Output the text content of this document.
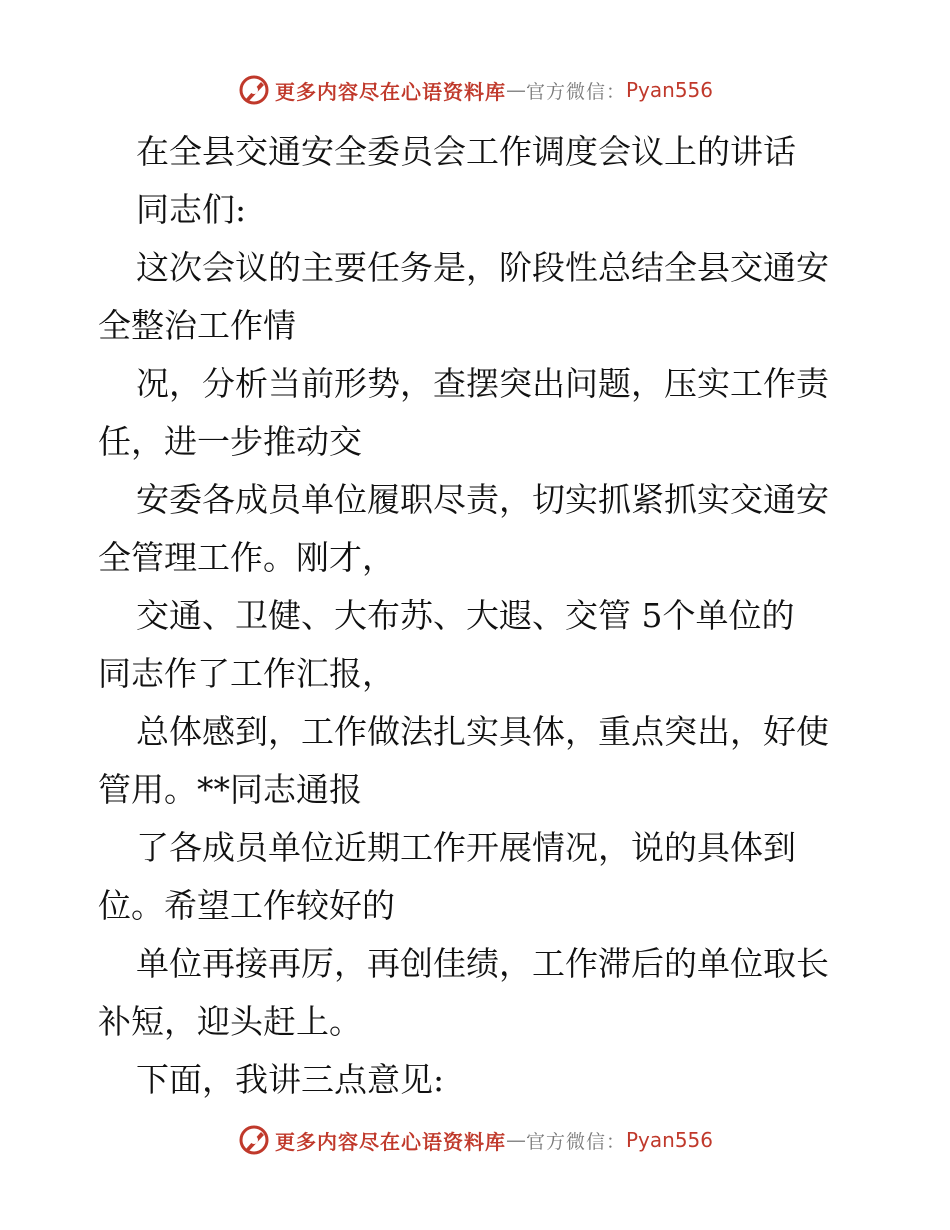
更多内容尽在心语资料库 — 官方微信： Pyan556
在全县交通安全委员会工作调度会议上的讲话
同志们:
这次会议的主要任务是，阶段性总结全县交通安
全整治工作情
况，分析当前形势，查摆突出问题，压实工作责
任，进一步推动交
安委各成员单位履职尽责，切实抓紧抓实交通安
全管理工作。刚才，
交通、卫健、大布苏、大遐、交管 5个单位的
同志作了工作汇报，
总体感到，工作做法扎实具体，重点突出，好使
管用。**同志通报
了各成员单位近期工作开展情况，说的具体到
位。希望工作较好的
单位再接再厉，再创佳绩，工作滞后的单位取长
补短，迎头赶上。
下面，我讲三点意见:
更多内容尽在心语资料库 — 官方微信： Pyan556
